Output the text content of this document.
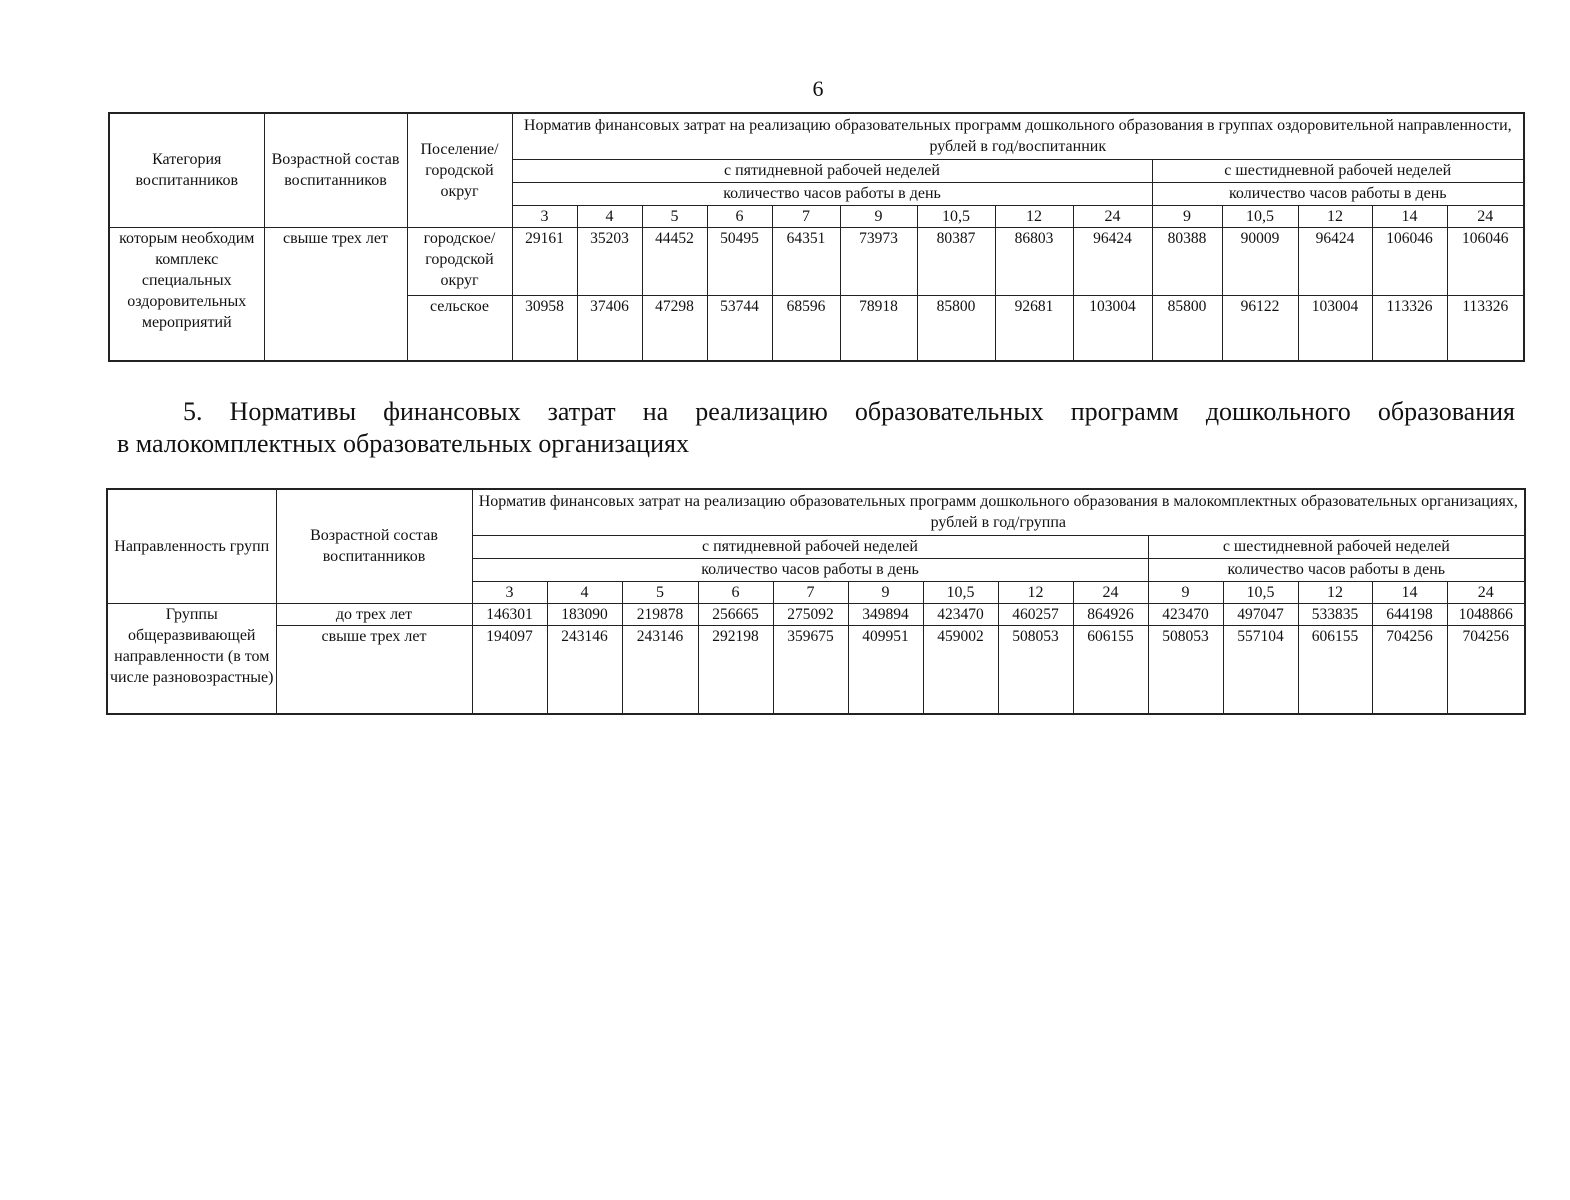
6
Категория воспитанников	Возрастной состав воспитанников	Поселение/ городской округ	Норматив финансовых затрат на реализацию образовательных программ дошкольного образования в группах оздоровительной направленности, рублей в год/воспитанник													
			с пятидневной рабочей неделей									с шестидневной рабочей неделей				
			количество часов работы в день									количество часов работы в день				
			3	4	5	6	7	9	10,5	12	24	9	10,5	12	14	24
которым необходим комплекс специальных оздоровительных мероприятий	свыше трех лет	городское/ городской округ	29161	35203	44452	50495	64351	73973	80387	86803	96424	80388	90009	96424	106046	106046
		сельское	30958	37406	47298	53744	68596	78918	85800	92681	103004	85800	96122	103004	113326	113326
5. Нормативы финансовых затрат на реализацию образовательных программ дошкольного образования
в малокомплектных образовательных организациях
Направленность групп	Возрастной состав воспитанников	Норматив финансовых затрат на реализацию образовательных программ дошкольного образования в малокомплектных образовательных организациях, рублей в год/группа													
		с пятидневной рабочей неделей									с шестидневной рабочей неделей				
		количество часов работы в день									количество часов работы в день				
		3	4	5	6	7	9	10,5	12	24	9	10,5	12	14	24
Группы общеразвивающей направленности (в том числе разновозрастные)	до трех лет	146301	183090	219878	256665	275092	349894	423470	460257	864926	423470	497047	533835	644198	1048866
	свыше трех лет	194097	243146	243146	292198	359675	409951	459002	508053	606155	508053	557104	606155	704256	704256
